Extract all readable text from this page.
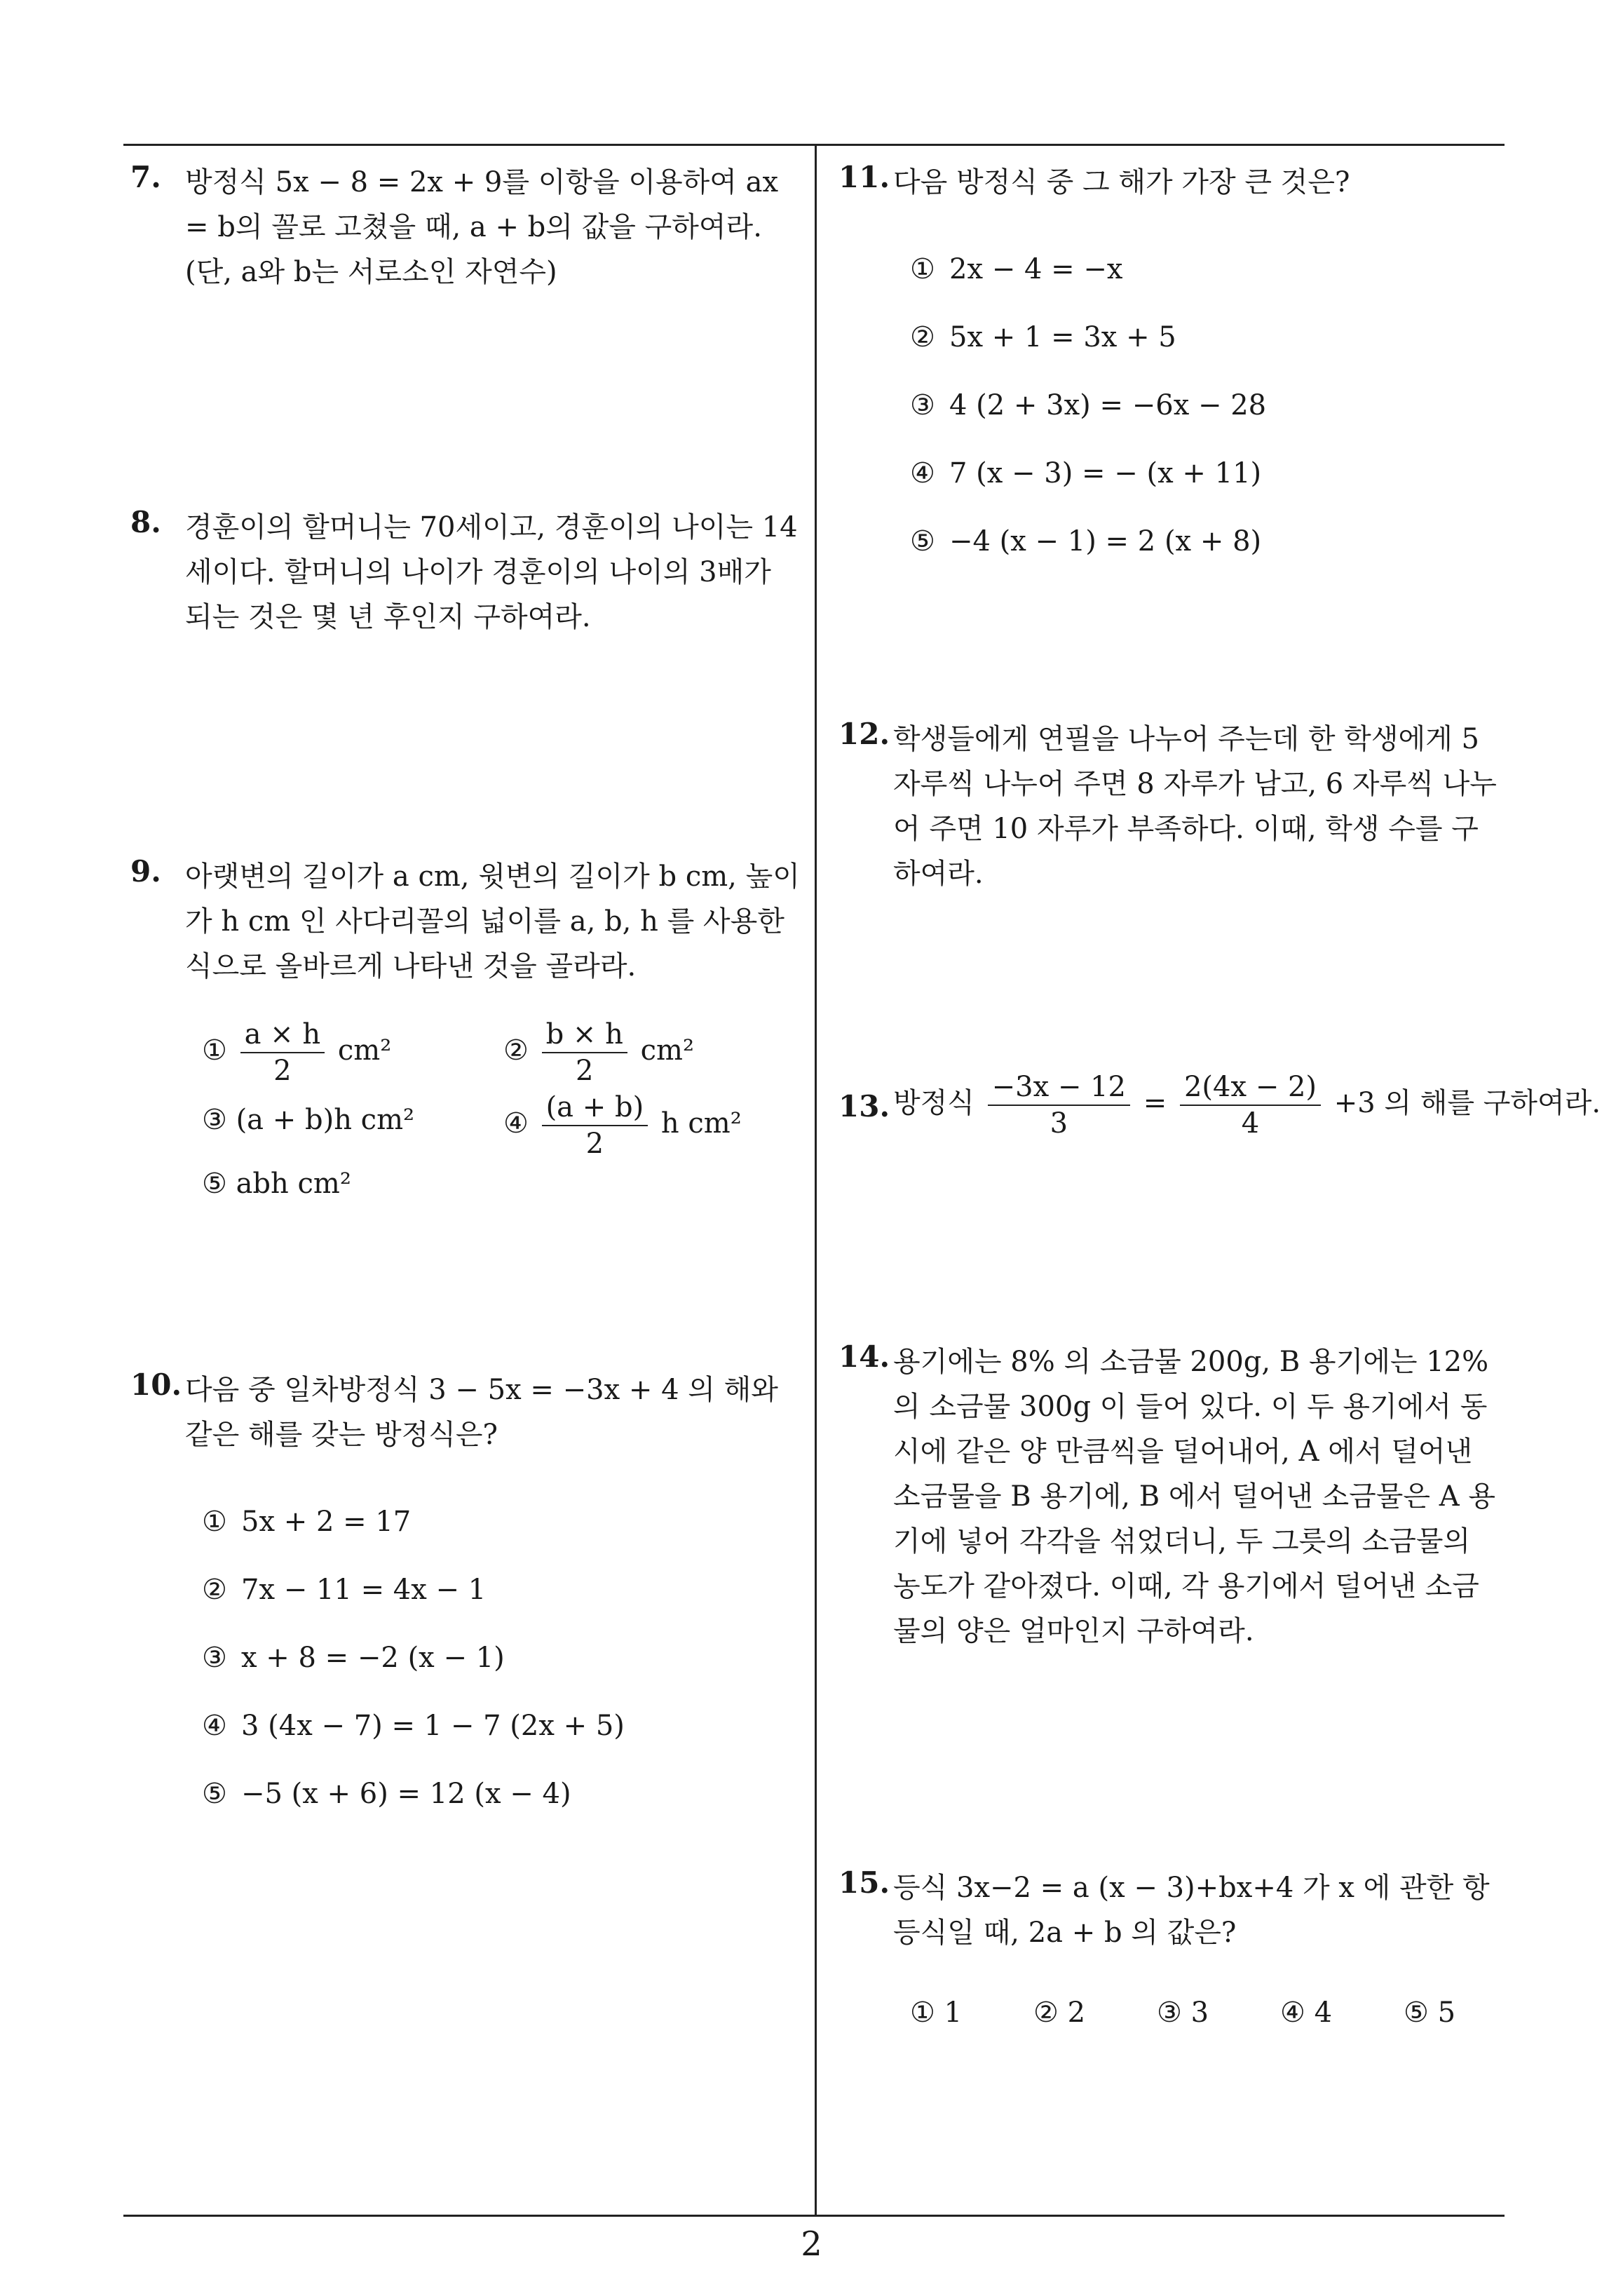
7. 방정식 5x − 8 = 2x + 9를 이항을 이용하여 ax = b의 꼴로 고쳤을 때, a + b의 값을 구하여라. (단, a와 b는 서로소인 자연수)
8. 경훈이의 할머니는 70세이고, 경훈이의 나이는 14세이다. 할머니의 나이가 경훈이의 나이의 3배가 되는 것은 몇 년 후인지 구하여라.
9. 아랫변의 길이가 a cm, 윗변의 길이가 b cm, 높이가 h cm 인 사다리꼴의 넓이를 a, b, h 를 사용한 식으로 올바르게 나타낸 것을 골라라.
① $\frac{a \times h}{2} cm^2$	② $\frac{b \times h}{2} cm^2$
③ (a + b)h cm²	④ $\frac{(a + b)}{2}$ h cm²
⑤ abh cm²
10. 다음 중 일차방정식 3 − 5x = −3x + 4 의 해와 같은 해를 갖는 방정식은?
① 5x + 2 = 17
② 7x − 11 = 4x − 1
③ x + 8 = −2 (x − 1)
④ 3 (4x − 7) = 1 − 7 (2x + 5)
⑤ −5 (x + 6) = 12 (x − 4)
11. 다음 방정식 중 그 해가 가장 큰 것은?
① 2x − 4 = −x
② 5x + 1 = 3x + 5
③ 4 (2 + 3x) = −6x − 28
④ 7 (x − 3) = − (x + 11)
⑤ −4 (x − 1) = 2 (x + 8)
12. 학생들에게 연필을 나누어 주는데 한 학생에게 5 자루씩 나누어 주면 8 자루가 남고, 6 자루씩 나누어 주면 10 자루가 부족하다. 이때, 학생 수를 구하여라.
13. 방정식 $\frac{-3x - 12}{3} = \frac{2(4x - 2)}{4} +3$ 의 해를 구하여라.
14. 용기에는 8% 의 소금물 200g, B 용기에는 12% 의 소금물 300g 이 들어 있다. 이 두 용기에서 동시에 같은 양 만큼씩을 덜어내어, A 에서 덜어낸 소금물을 B 용기에, B 에서 덜어낸 소금물은 A 용기에 넣어 각각을 섞었더니, 두 그릇의 소금물의 농도가 같아졌다. 이때, 각 용기에서 덜어낸 소금물의 양은 얼마인지 구하여라.
15. 등식 3x−2 = a (x − 3)+bx+4 가 x 에 관한 항등식일 때, 2a + b 의 값은?
① 1	② 2	③ 3	④ 4	⑤ 5
2
